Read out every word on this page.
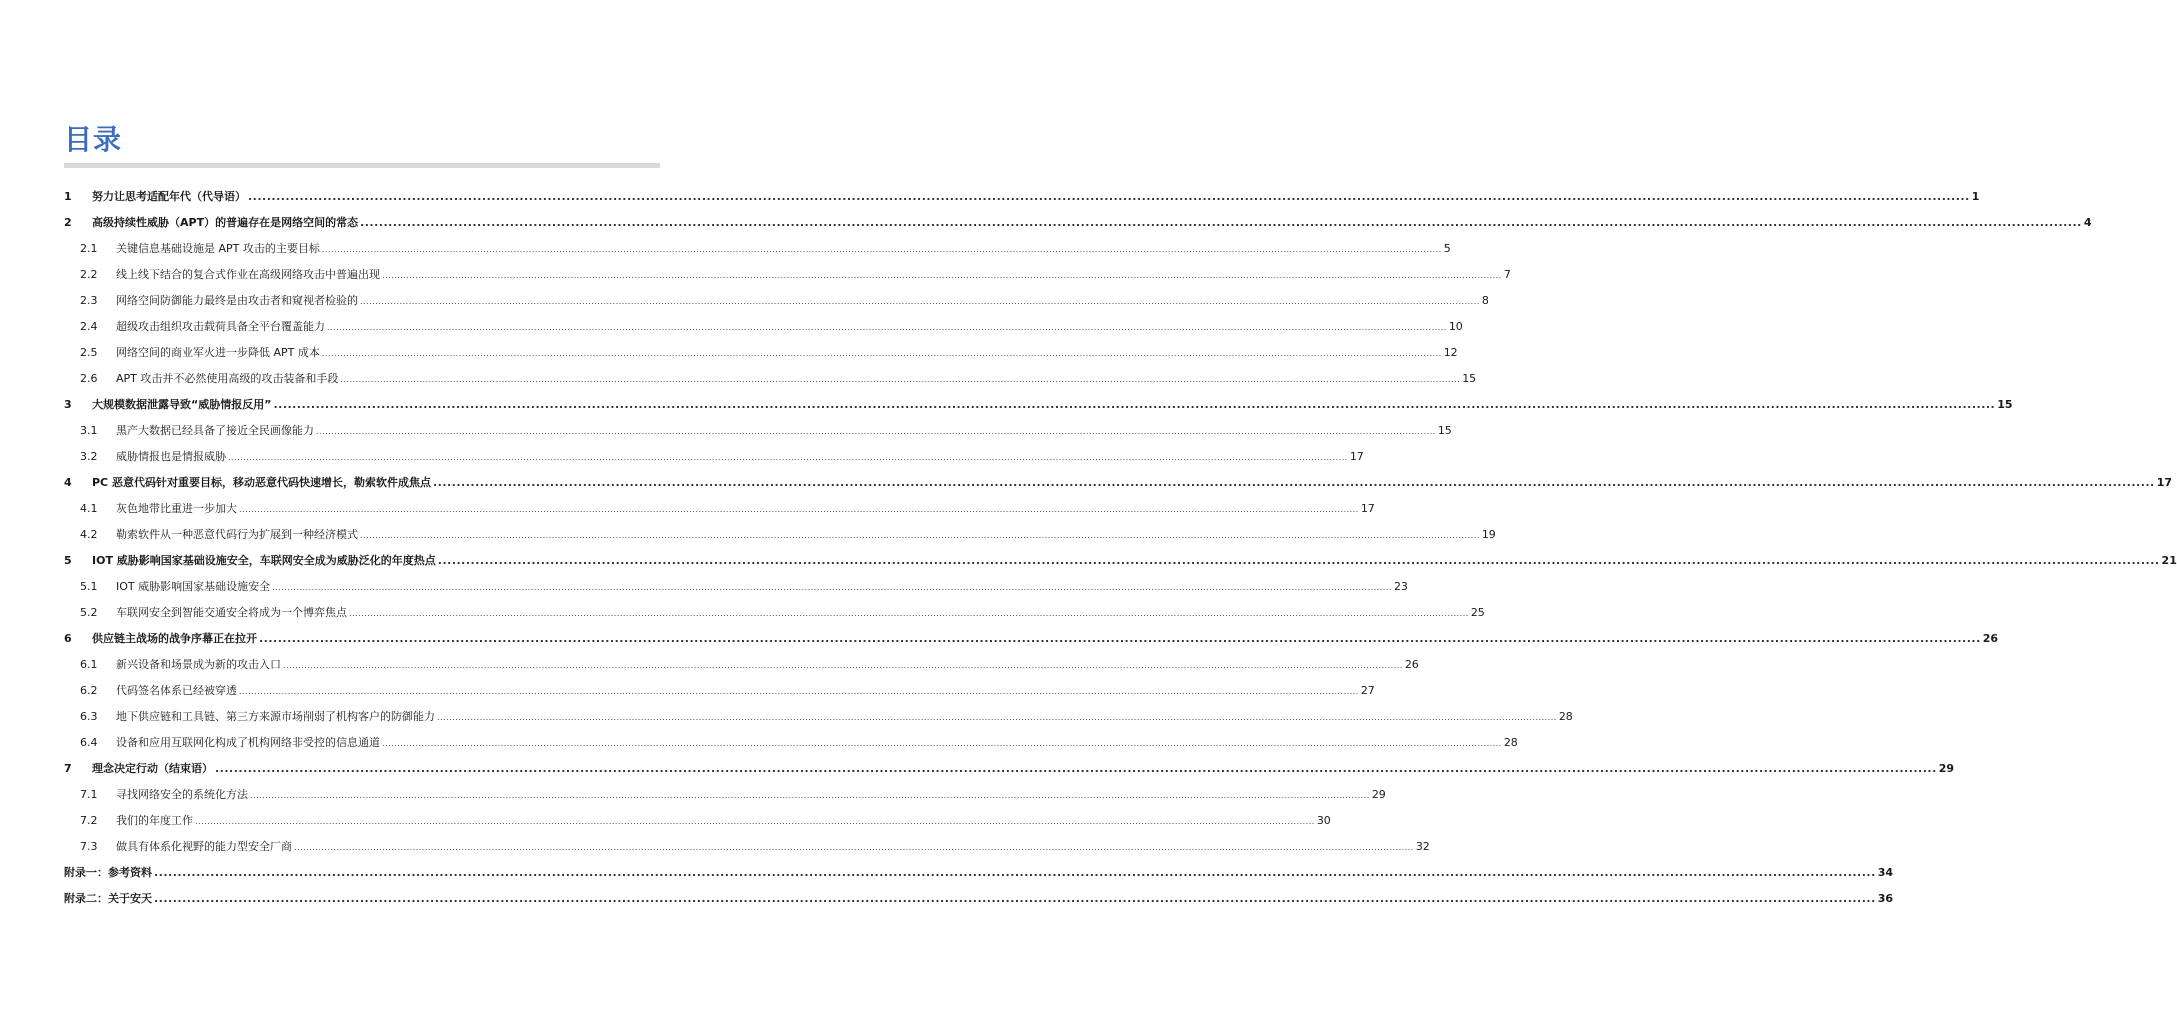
目录
1	努力让思考适配年代（代导语） .....	1
2	高级持续性威胁（APT）的普遍存在是网络空间的常态 .....	4
2.1	关键信息基础设施是 APT 攻击的主要目标 .....	5
2.2	线上线下结合的复合式作业在高级网络攻击中普遍出现 .....	7
2.3	网络空间防御能力最终是由攻击者和窥视者检验的 .....	8
2.4	超级攻击组织攻击载荷具备全平台覆盖能力 .....	10
2.5	网络空间的商业军火进一步降低 APT 成本 .....	12
2.6	APT 攻击并不必然使用高级的攻击装备和手段 .....	15
3	大规模数据泄露导致“威胁情报反用” .....	15
3.1	黑产大数据已经具备了接近全民画像能力 .....	15
3.2	威胁情报也是情报威胁 .....	17
4	PC 恶意代码针对重要目标，移动恶意代码快速增长，勒索软件成焦点 .....	17
4.1	灰色地带比重进一步加大 .....	17
4.2	勒索软件从一种恶意代码行为扩展到一种经济模式 .....	19
5	IOT 威胁影响国家基础设施安全，车联网安全成为威胁泛化的年度热点 .....	21
5.1	IOT 威胁影响国家基础设施安全 .....	23
5.2	车联网安全到智能交通安全将成为一个博弈焦点 .....	25
6	供应链主战场的战争序幕正在拉开 .....	26
6.1	新兴设备和场景成为新的攻击入口 .....	26
6.2	代码签名体系已经被穿透 .....	27
6.3	地下供应链和工具链、第三方来源市场削弱了机构客户的防御能力 .....	28
6.4	设备和应用互联网化构成了机构网络非受控的信息通道 .....	28
7	理念决定行动（结束语） .....	29
7.1	寻找网络安全的系统化方法 .....	29
7.2	我们的年度工作 .....	30
7.3	做具有体系化视野的能力型安全厂商 .....	32
附录一：参考资料 .....	34
附录二：关于安天 .....	36
